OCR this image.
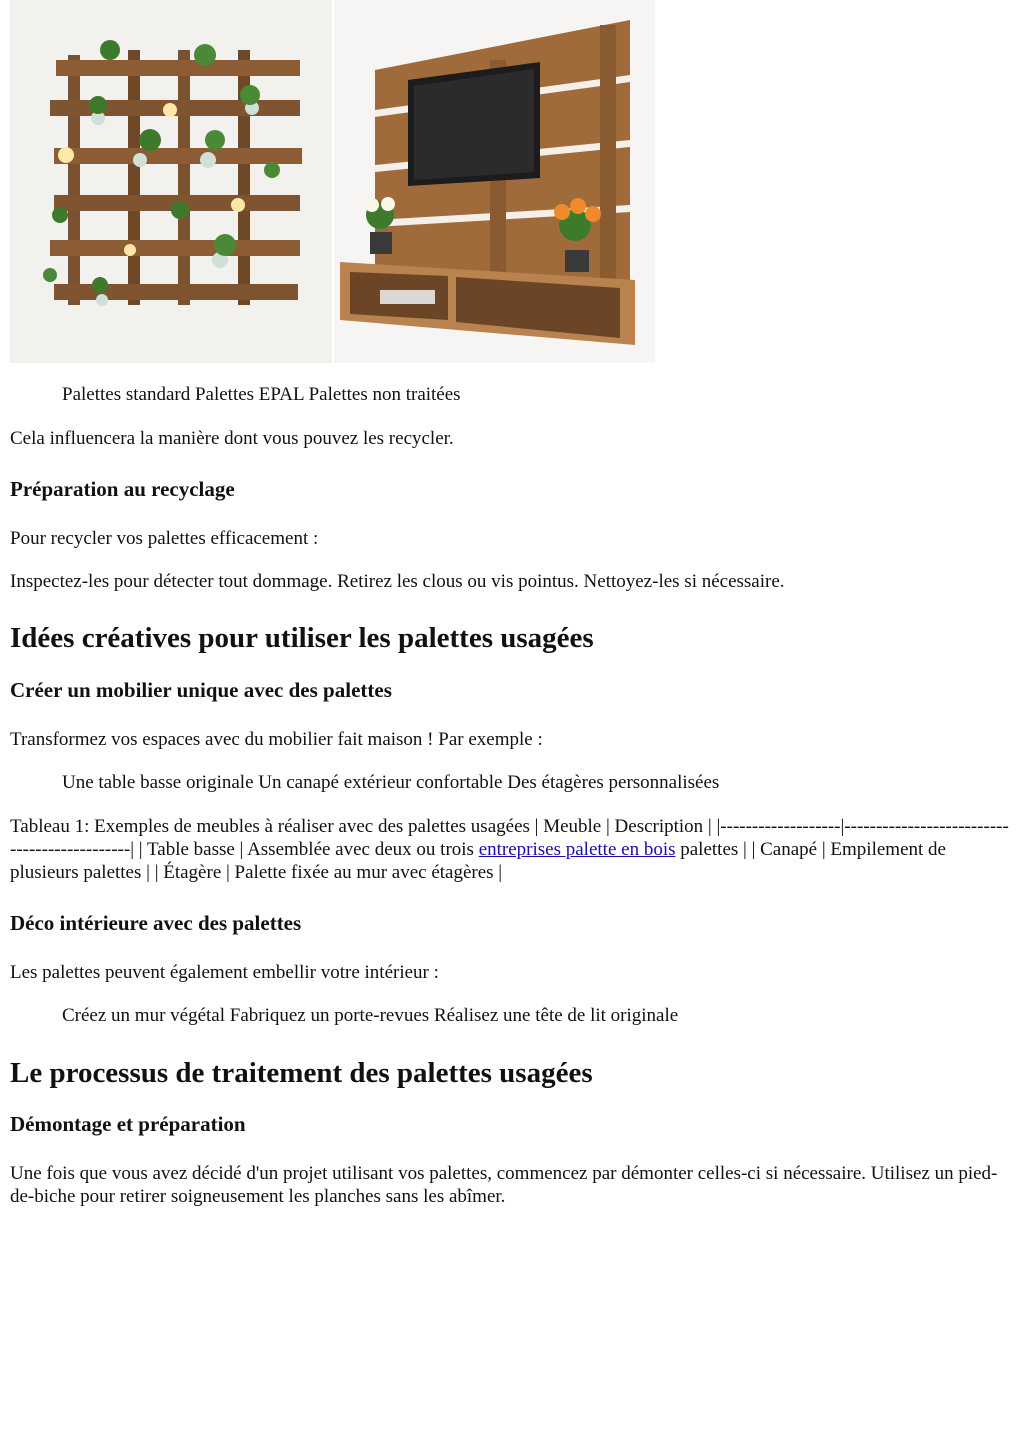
Palettes standard Palettes EPAL Palettes non traitées

Cela influencera la manière dont vous pouvez les recycler.

Préparation au recyclage

Pour recycler vos palettes efficacement :

Inspectez-les pour détecter tout dommage. Retirez les clous ou vis pointus. Nettoyez-les si nécessaire.

Idées créatives pour utiliser les palettes usagées
Créer un mobilier unique avec des palettes

Transformez vos espaces avec du mobilier fait maison ! Par exemple :

Une table basse originale Un canapé extérieur confortable Des étagères personnalisées

Tableau 1: Exemples de meubles à réaliser avec des palettes usagées | Meuble | Description | |-------------------|---------------------------------------------| | Table basse | Assemblée avec deux ou trois entreprises palette en bois palettes | | Canapé | Empilement de plusieurs palettes | | Étagère | Palette fixée au mur avec étagères |

Déco intérieure avec des palettes

Les palettes peuvent également embellir votre intérieur :

Créez un mur végétal Fabriquez un porte-revues Réalisez une tête de lit originale

Le processus de traitement des palettes usagées
Démontage et préparation

Une fois que vous avez décidé d'un projet utilisant vos palettes, commencez par démonter celles-ci si nécessaire. Utilisez un pied-de-biche pour retirer soigneusement les planches sans les abîmer.
